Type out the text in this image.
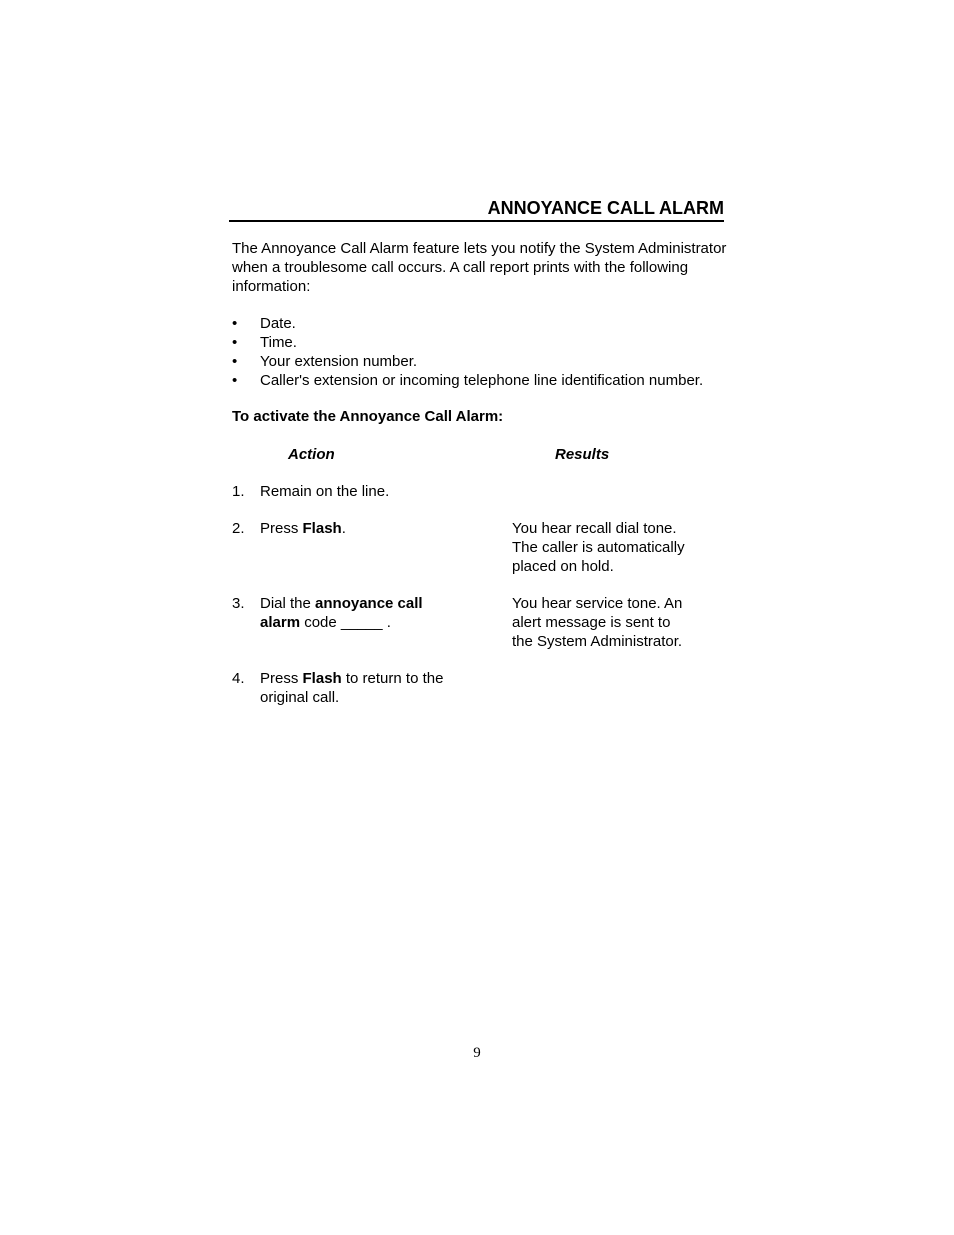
ANNOYANCE CALL ALARM

The Annoyance Call Alarm feature lets you notify the System Administrator when a troublesome call occurs. A call report prints with the following information:

• Date.
• Time.
• Your extension number.
• Caller's extension or incoming telephone line identification number.

To activate the Annoyance Call Alarm:

Action	Results
1. Remain on the line.
2. Press Flash.	You hear recall dial tone.
The caller is automatically
placed on hold.
3. Dial the annoyance call
alarm code _____ .
You hear service tone. An
alert message is sent to
the System Administrator.
4. Press Flash to return to the
original call.
9
